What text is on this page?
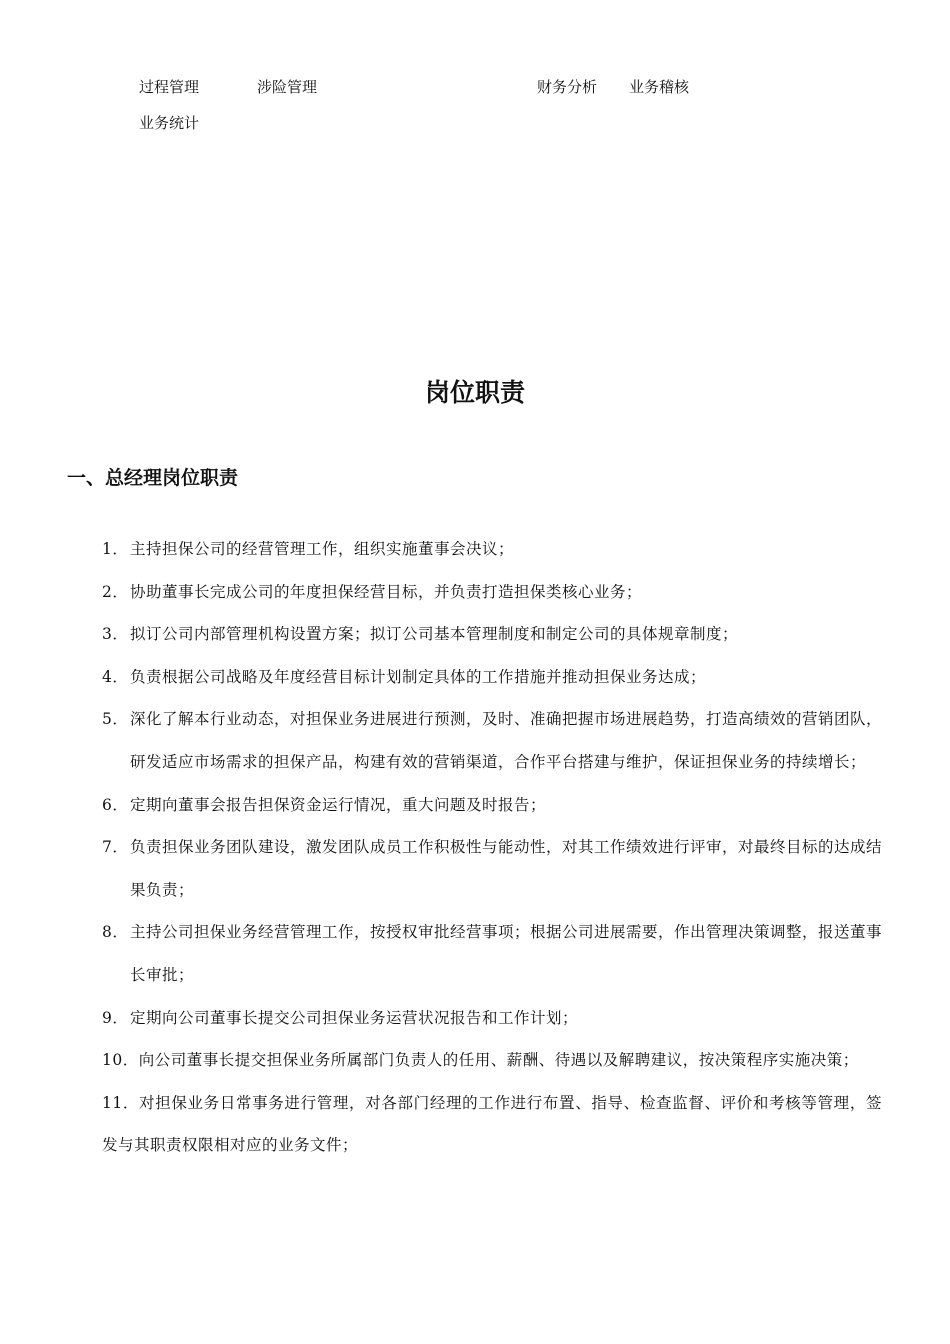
过程管理	涉险管理	财务分析 业务稽核
业务统计
岗位职责
一、总经理岗位职责
1． 主持担保公司的经营管理工作，组织实施董事会决议；
2． 协助董事长完成公司的年度担保经营目标，并负责打造担保类核心业务；
3． 拟订公司内部管理机构设置方案；拟订公司基本管理制度和制定公司的具体规章制度；
4． 负责根据公司战略及年度经营目标计划制定具体的工作措施并推动担保业务达成；
5． 深化了解本行业动态，对担保业务进展进行预测，及时、准确把握市场进展趋势，打造高绩效的营销团队，研发适应市场需求的担保产品，构建有效的营销渠道，合作平台搭建与维护，保证担保业务的持续增长；
6． 定期向董事会报告担保资金运行情况，重大问题及时报告；
7． 负责担保业务团队建设，激发团队成员工作积极性与能动性，对其工作绩效进行评审，对最终目标的达成结果负责；
8． 主持公司担保业务经营管理工作，按授权审批经营事项；根据公司进展需要，作出管理决策调整，报送董事长审批；
9． 定期向公司董事长提交公司担保业务运营状况报告和工作计划；
10．向公司董事长提交担保业务所属部门负责人的任用、薪酬、待遇以及解聘建议，按决策程序实施决策；
11．对担保业务日常事务进行管理，对各部门经理的工作进行布置、指导、检查监督、评价和考核等管理，签发与其职责权限相对应的业务文件；
